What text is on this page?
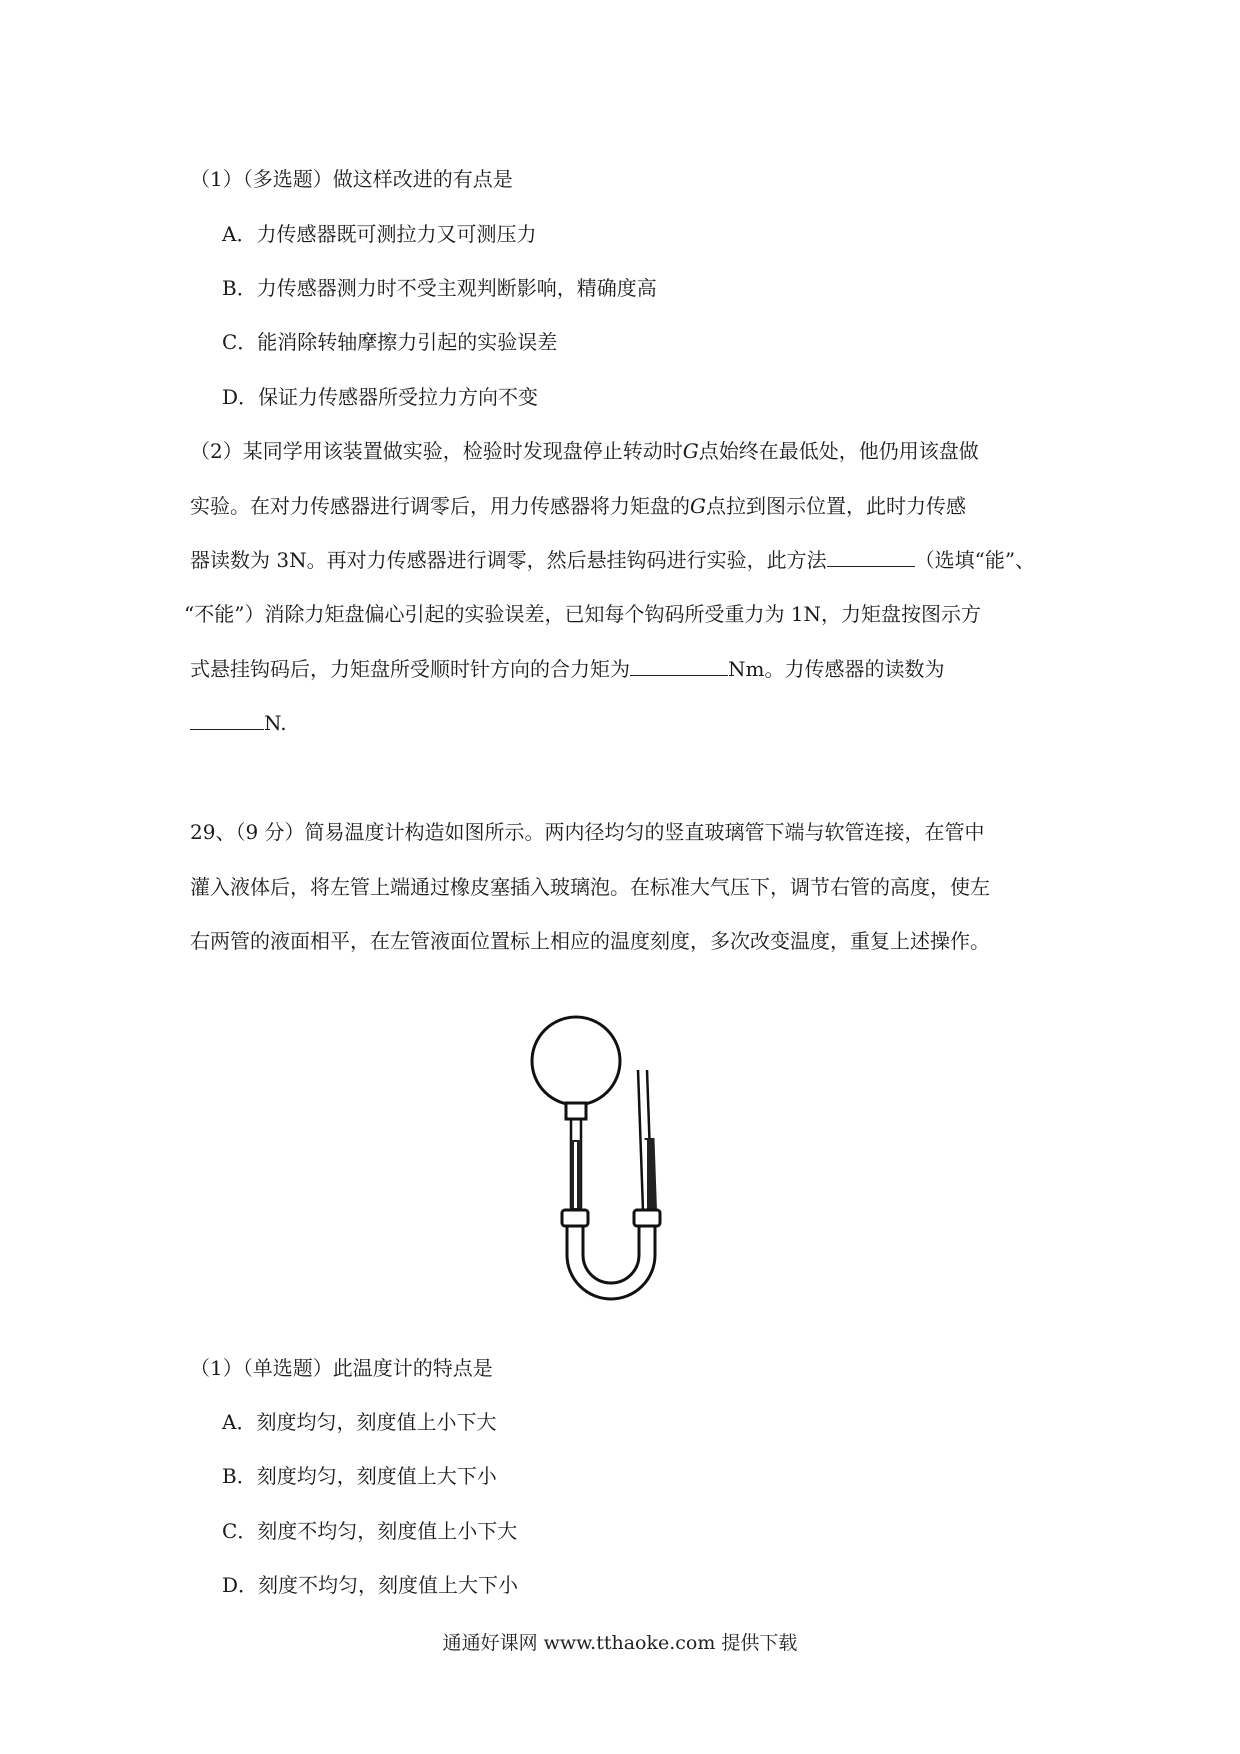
（1）（多选题）做这样改进的有点是
A．力传感器既可测拉力又可测压力
B．力传感器测力时不受主观判断影响，精确度高
C．能消除转轴摩擦力引起的实验误差
D．保证力传感器所受拉力方向不变
（2）某同学用该装置做实验，检验时发现盘停止转动时G点始终在最低处，他仍用该盘做
实验。在对力传感器进行调零后，用力传感器将力矩盘的G点拉到图示位置，此时力传感
器读数为 3N。再对力传感器进行调零，然后悬挂钩码进行实验，此方法	（选填“能”、
“不能”）消除力矩盘偏心引起的实验误差，已知每个钩码所受重力为 1N，力矩盘按图示方
式悬挂钩码后，力矩盘所受顺时针方向的合力矩为	Nm。力传感器的读数为
N.
29、（9 分）简易温度计构造如图所示。两内径均匀的竖直玻璃管下端与软管连接，在管中
灌入液体后，将左管上端通过橡皮塞插入玻璃泡。在标准大气压下，调节右管的高度，使左
右两管的液面相平，在左管液面位置标上相应的温度刻度，多次改变温度，重复上述操作。
（1）（单选题）此温度计的特点是
A．刻度均匀，刻度值上小下大
B．刻度均匀，刻度值上大下小
C．刻度不均匀，刻度值上小下大
D．刻度不均匀，刻度值上大下小
通通好课网 www.tthaoke.com 提供下载
